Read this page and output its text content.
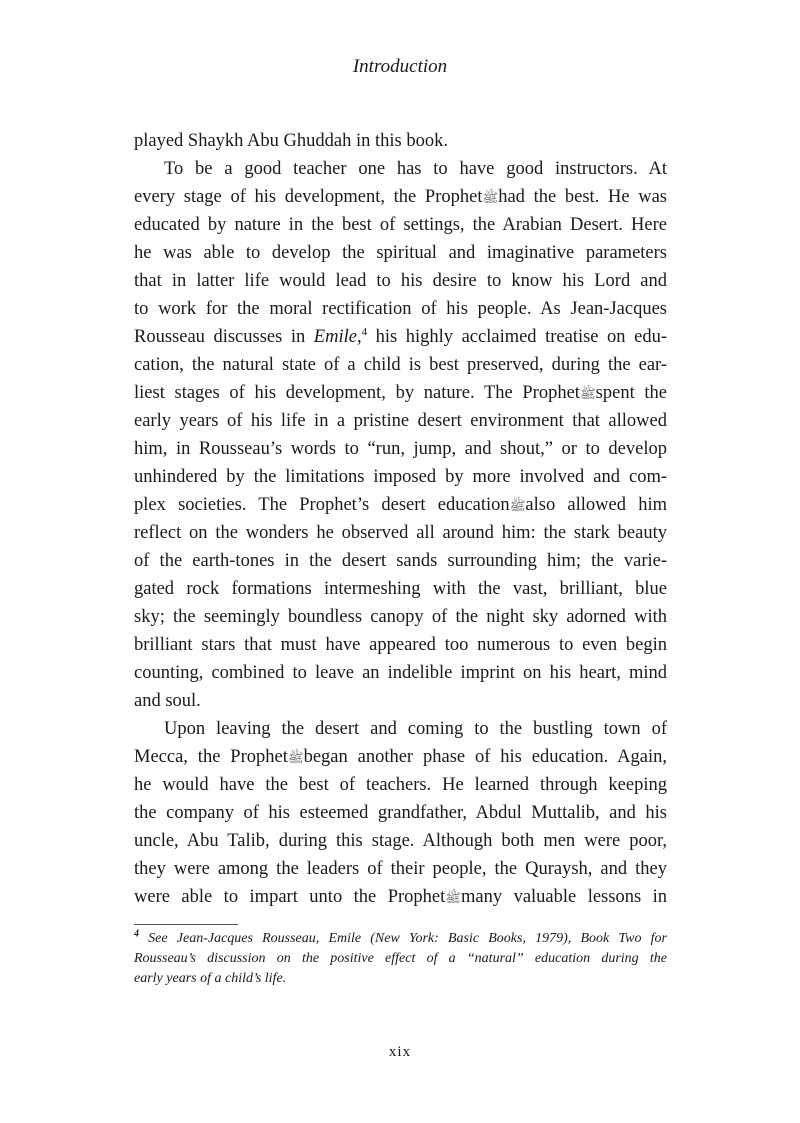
Introduction
played Shaykh Abu Ghuddah in this book.
To be a good teacher one has to have good instructors. At
every stage of his development, the Prophetﷺhad the best. He was
educated by nature in the best of settings, the Arabian Desert. Here
he was able to develop the spiritual and imaginative parameters
that in latter life would lead to his desire to know his Lord and
to work for the moral rectification of his people. As Jean-Jacques
Rousseau discusses in Emile,$^4$ his highly acclaimed treatise on edu-
cation, the natural state of a child is best preserved, during the ear-
liest stages of his development, by nature. The Prophetﷺspent the
early years of his life in a pristine desert environment that allowed
him, in Rousseau’s words to “run, jump, and shout,” or to develop
unhindered by the limitations imposed by more involved and com-
plex societies. The Prophet’s desert educationﷺalso allowed him
reflect on the wonders he observed all around him: the stark beauty
of the earth-tones in the desert sands surrounding him; the varie-
gated rock formations intermeshing with the vast, brilliant, blue
sky; the seemingly boundless canopy of the night sky adorned with
brilliant stars that must have appeared too numerous to even begin
counting, combined to leave an indelible imprint on his heart, mind
and soul.
Upon leaving the desert and coming to the bustling town of
Mecca, the Prophetﷺbegan another phase of his education. Again,
he would have the best of teachers. He learned through keeping
the company of his esteemed grandfather, Abdul Muttalib, and his
uncle, Abu Talib, during this stage. Although both men were poor,
they were among the leaders of their people, the Quraysh, and they
were able to impart unto the Prophetﷺmany valuable lessons in
$^4$ See Jean-Jacques Rousseau, Emile (New York: Basic Books, 1979), Book Two for
Rousseau’s discussion on the positive effect of a “natural” education during the
early years of a child’s life.
xix
